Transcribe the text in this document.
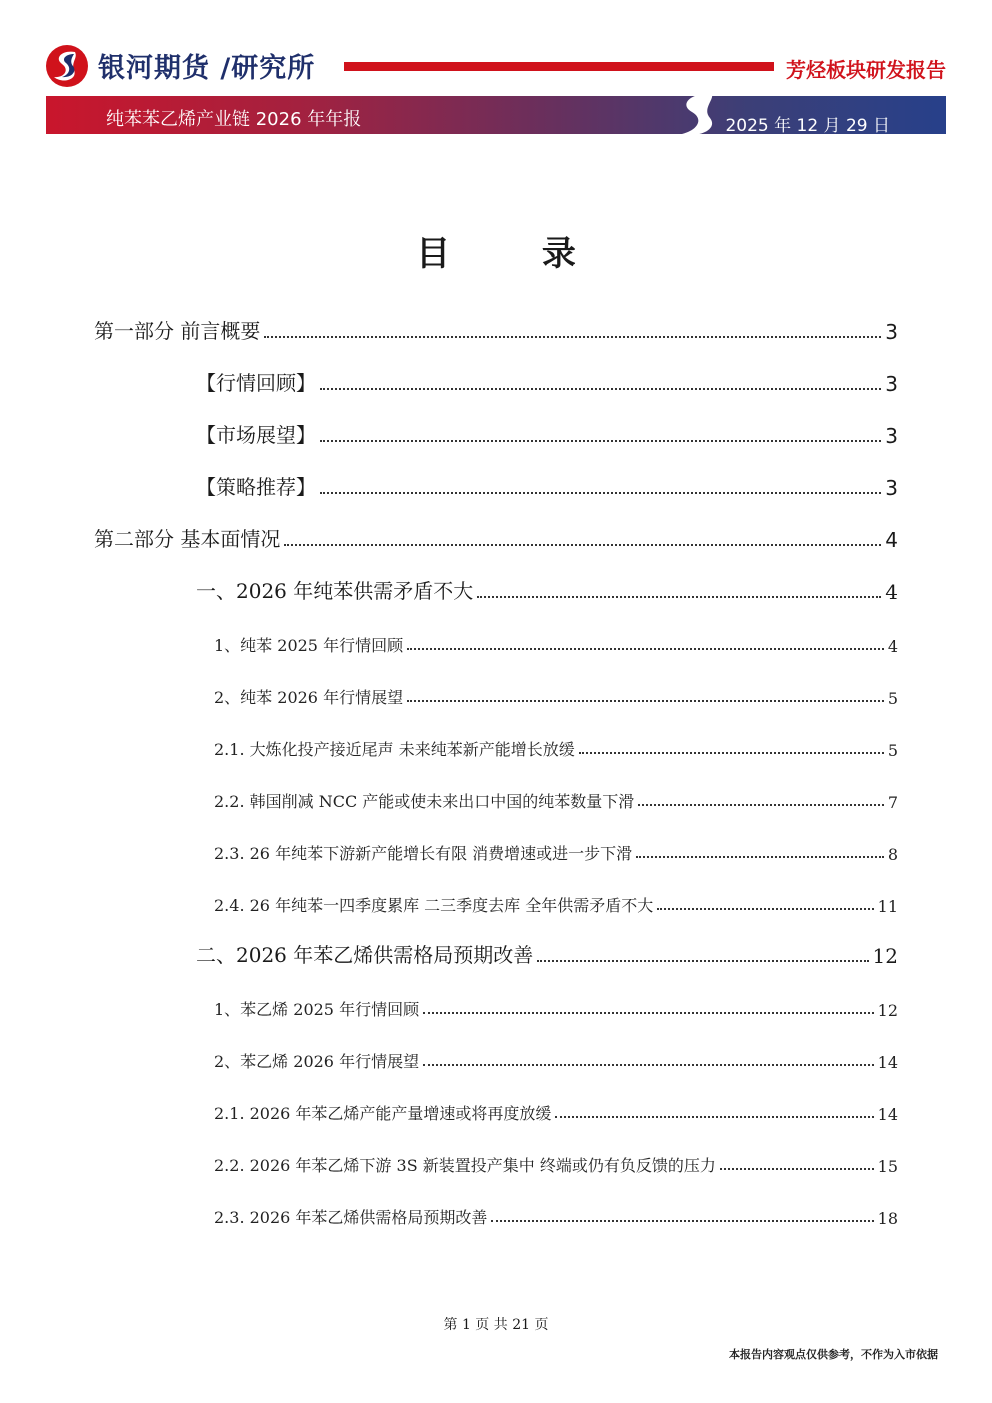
银河期货 /研究所	芳烃板块研发报告
纯苯苯乙烯产业链 2026 年年报	2025 年 12 月 29 日
目 录
第一部分 前言概要	3
【行情回顾】	3
【市场展望】	3
【策略推荐】	3
第二部分 基本面情况	4
一、2026 年纯苯供需矛盾不大	4
1、纯苯 2025 年行情回顾	4
2、纯苯 2026 年行情展望	5
2.1. 大炼化投产接近尾声 未来纯苯新产能增长放缓	5
2.2. 韩国削减 NCC 产能或使未来出口中国的纯苯数量下滑	7
2.3. 26 年纯苯下游新产能增长有限 消费增速或进一步下滑	8
2.4. 26 年纯苯一四季度累库 二三季度去库 全年供需矛盾不大	11
二、2026 年苯乙烯供需格局预期改善	12
1、苯乙烯 2025 年行情回顾	12
2、苯乙烯 2026 年行情展望	14
2.1. 2026 年苯乙烯产能产量增速或将再度放缓	14
2.2. 2026 年苯乙烯下游 3S 新装置投产集中 终端或仍有负反馈的压力	15
2.3. 2026 年苯乙烯供需格局预期改善	18
第 1 页 共 21 页
本报告内容观点仅供参考，不作为入市依据
